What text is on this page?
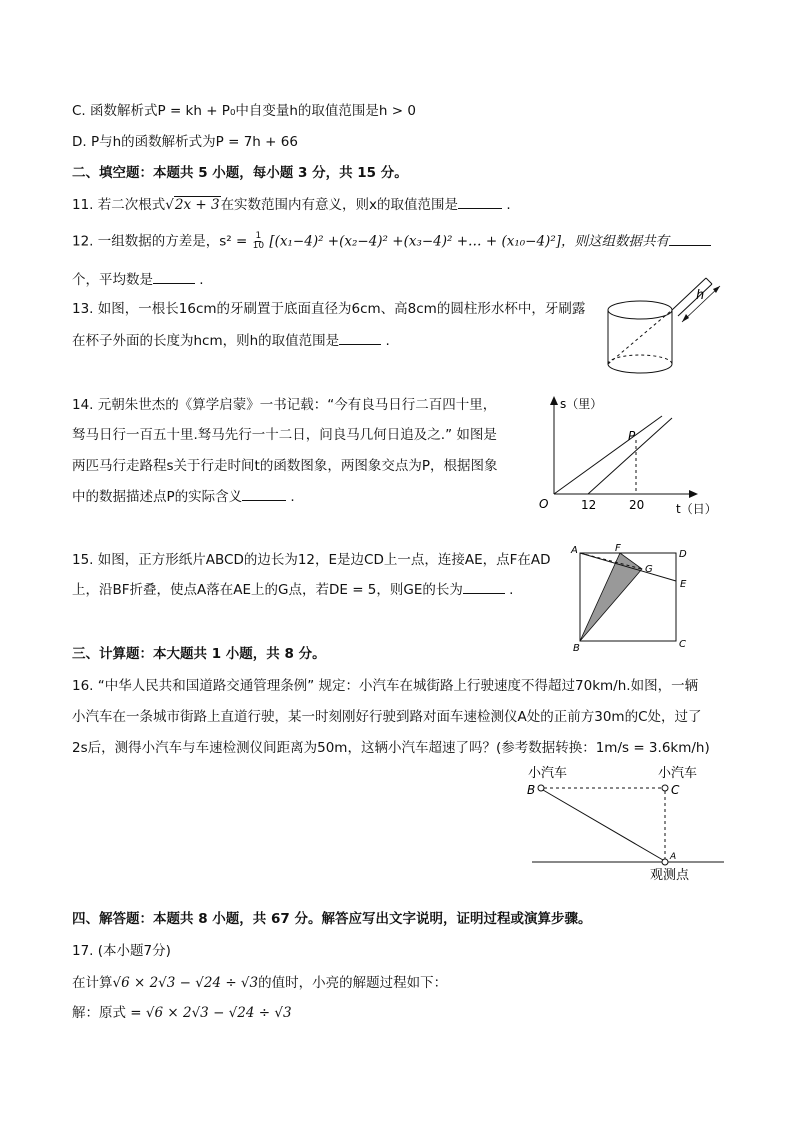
C. 函数解析式P = kh + P₀中自变量h的取值范围是h > 0
D. P与h的函数解析式为P = 7h + 66
二、填空题：本题共 5 小题，每小题 3 分，共 15 分。
11. 若二次根式√2x + 3在实数范围内有意义，则x的取值范围是	.
12. 一组数据的方差是，$s^2 = \frac{1}{10} [(x_1-4)^2 +(x_2-4)^2 +(x_3-4)^2$ +… + (x₁₀−4)²]，则这组数据共有
个，平均数是	.
13. 如图，一根长16cm的牙刷置于底面直径为6cm、高8cm的圆柱形水杯中，牙刷露
在杯子外面的长度为hcm，则h的取值范围是	.
h
14. 元朝朱世杰的《算学启蒙》一书记载：“今有良马日行二百四十里，
驽马日行一百五十里.驽马先行一十二日，问良马几何日追及之.” 如图是
两匹马行走路程s关于行走时间t的函数图象，两图象交点为P，根据图象
中的数据描述点P的实际含义	.
s（里）
t（日）
O
P
12	20
15. 如图，正方形纸片ABCD的边长为12，E是边CD上一点，连接AE，点F在AD
上，沿BF折叠，使点A落在AE上的G点，若DE = 5，则GE的长为	.
A	F
D
G
E
B	C
三、计算题：本大题共 1 小题，共 8 分。
16. “中华人民共和国道路交通管理条例” 规定：小汽车在城街路上行驶速度不得超过70km/h.如图，一辆
小汽车在一条城市街路上直道行驶，某一时刻刚好行驶到路对面车速检测仪A处的正前方30m的C处，过了
2s后，测得小汽车与车速检测仪间距离为50m，这辆小汽车超速了吗？(参考数据转换：1m/s = 3.6km/h)
小汽车	小汽车
B	C
A
观测点
四、解答题：本题共 8 小题，共 67 分。解答应写出文字说明，证明过程或演算步骤。
17. (本小题7分)
在计算√6 × 2√3 − √24 ÷ √3的值时，小亮的解题过程如下：
解：原式 = √6 × 2√3 − √24 ÷ √3
